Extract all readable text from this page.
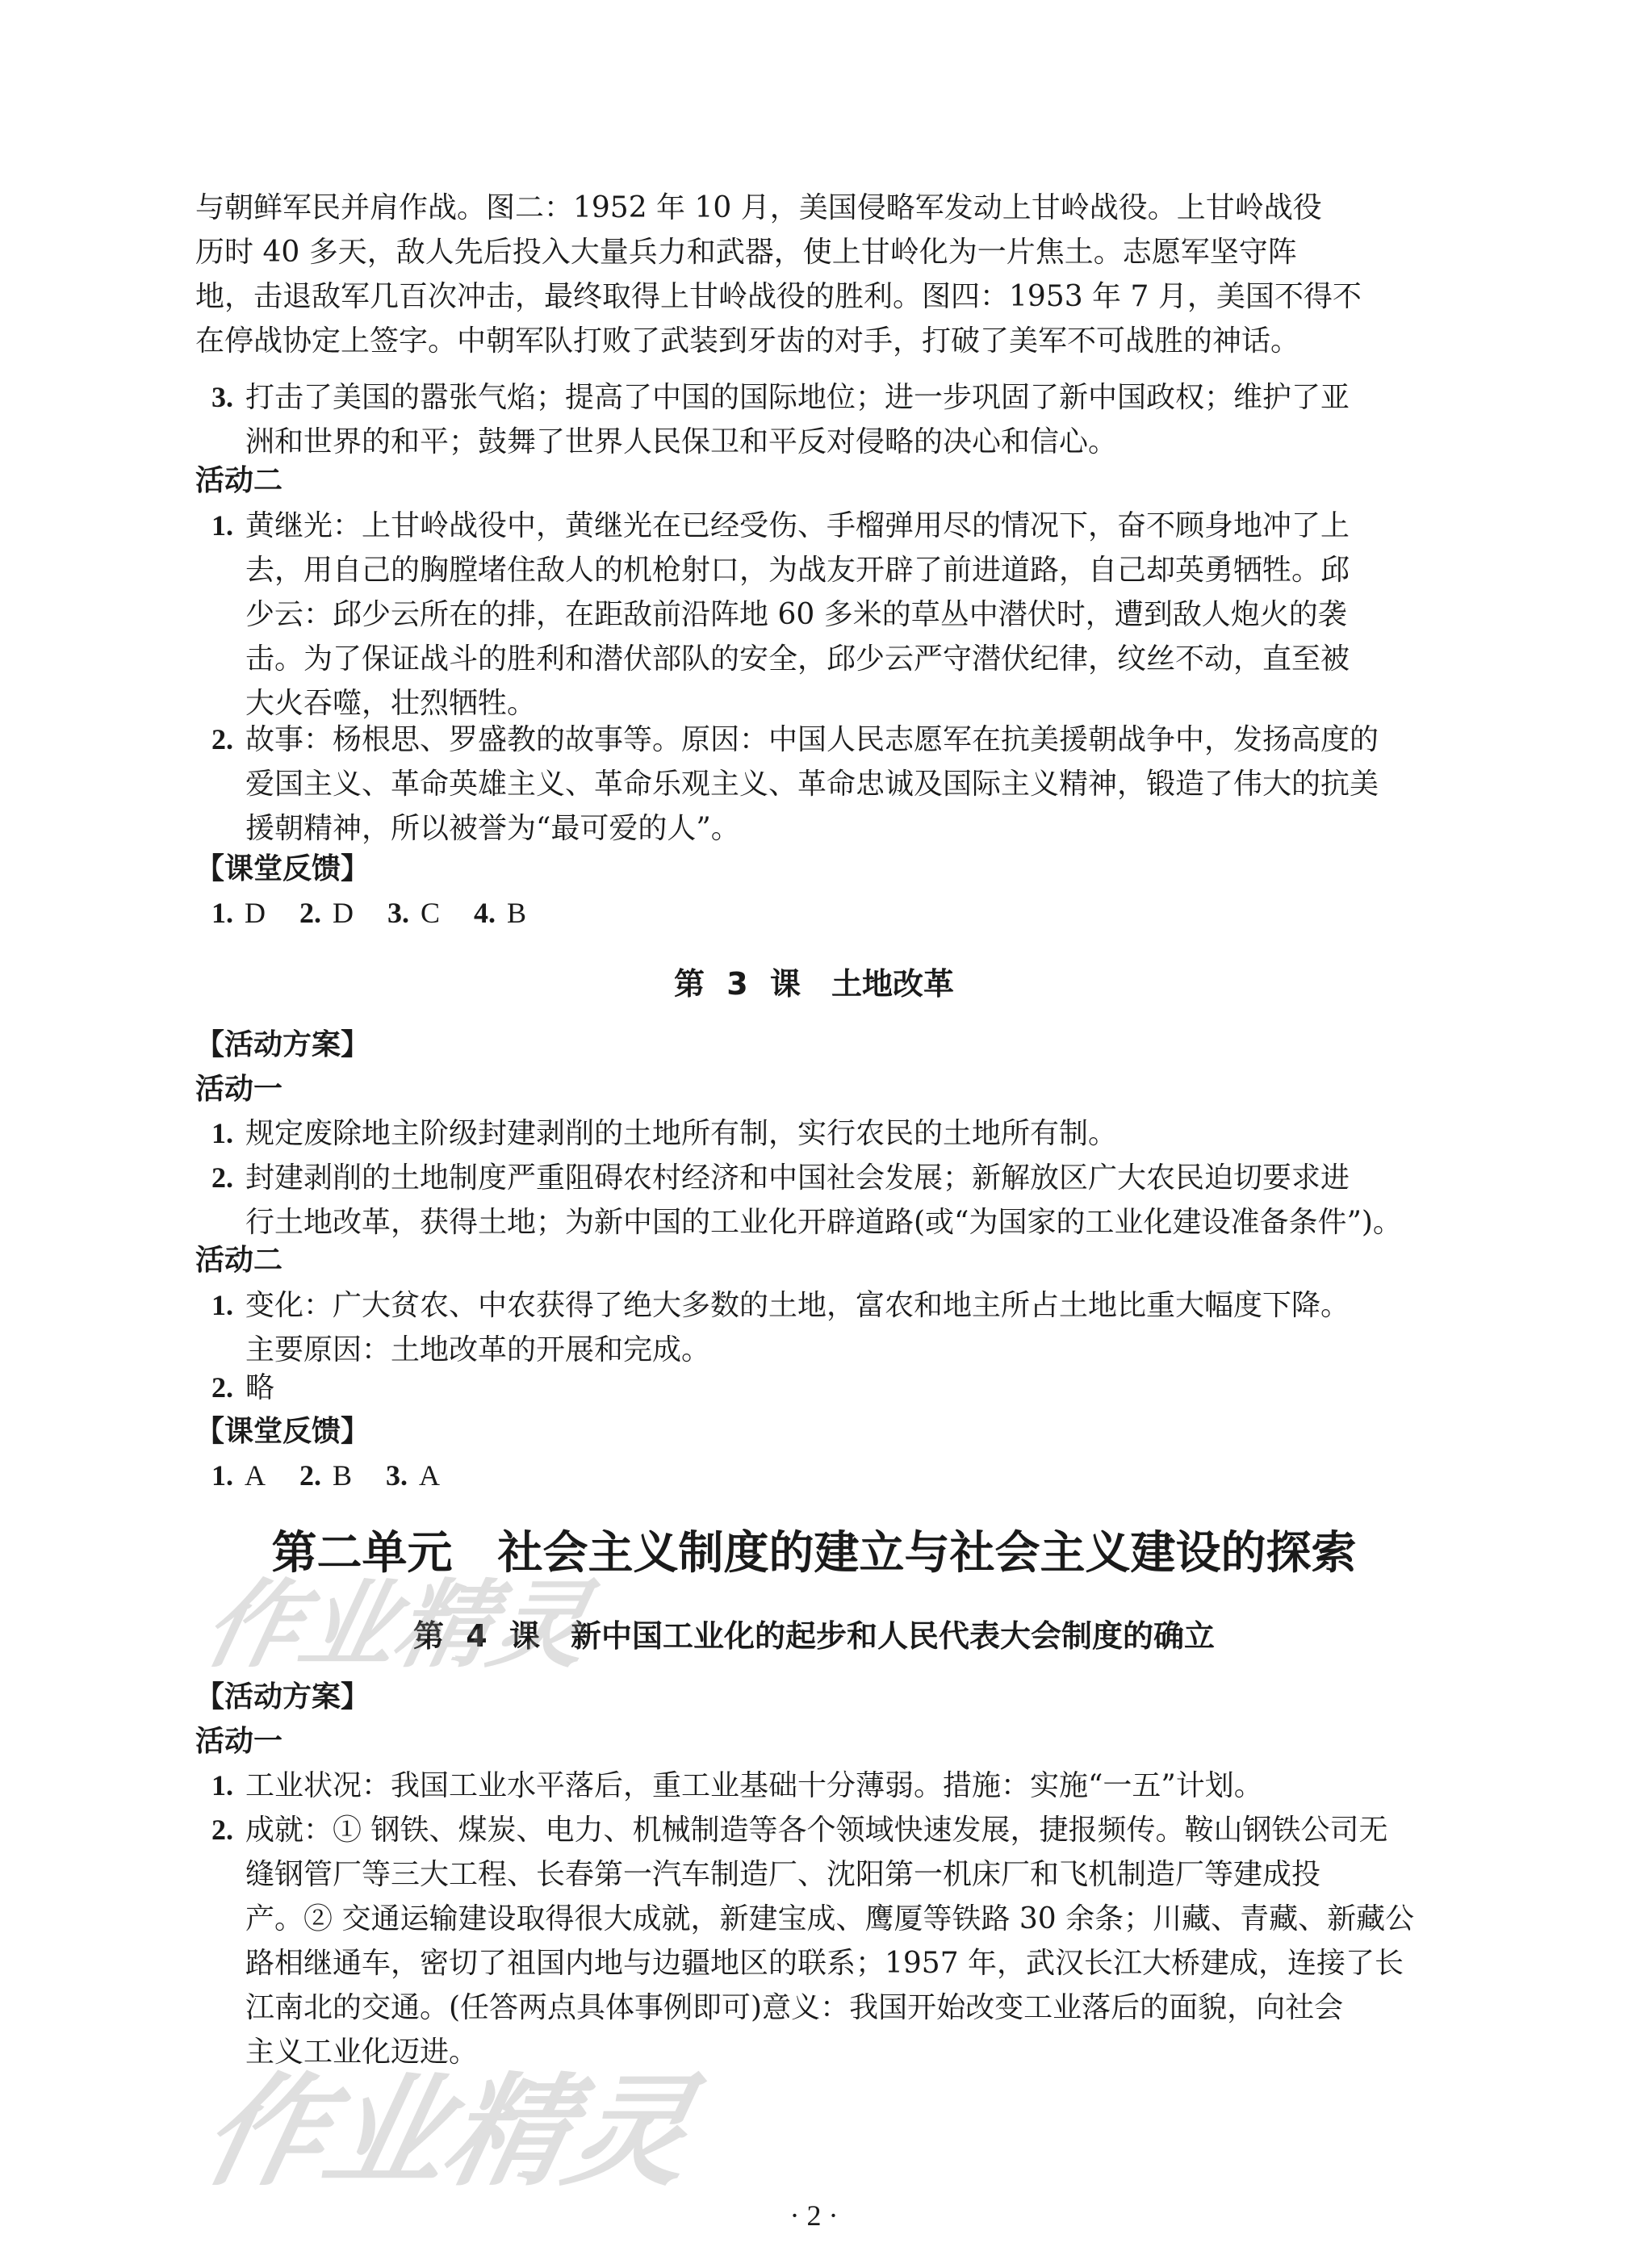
与朝鲜军民并肩作战。图二：1952 年 10 月，美国侵略军发动上甘岭战役。上甘岭战役
历时 40 多天，敌人先后投入大量兵力和武器，使上甘岭化为一片焦土。志愿军坚守阵
地，击退敌军几百次冲击，最终取得上甘岭战役的胜利。图四：1953 年 7 月，美国不得不
在停战协定上签字。中朝军队打败了武装到牙齿的对手，打破了美军不可战胜的神话。
3. 打击了美国的嚣张气焰；提高了中国的国际地位；进一步巩固了新中国政权；维护了亚
洲和世界的和平；鼓舞了世界人民保卫和平反对侵略的决心和信心。
活动二
1. 黄继光：上甘岭战役中，黄继光在已经受伤、手榴弹用尽的情况下，奋不顾身地冲了上
去，用自己的胸膛堵住敌人的机枪射口，为战友开辟了前进道路，自己却英勇牺牲。邱
少云：邱少云所在的排，在距敌前沿阵地 60 多米的草丛中潜伏时，遭到敌人炮火的袭
击。为了保证战斗的胜利和潜伏部队的安全，邱少云严守潜伏纪律，纹丝不动，直至被
大火吞噬，壮烈牺牲。
2. 故事：杨根思、罗盛教的故事等。原因：中国人民志愿军在抗美援朝战争中，发扬高度的
爱国主义、革命英雄主义、革命乐观主义、革命忠诚及国际主义精神，锻造了伟大的抗美
援朝精神，所以被誉为“最可爱的人”。
【课堂反馈】
1. D 2. D 3. C 4. B
第 3 课　土地改革
【活动方案】
活动一
1. 规定废除地主阶级封建剥削的土地所有制，实行农民的土地所有制。
2. 封建剥削的土地制度严重阻碍农村经济和中国社会发展；新解放区广大农民迫切要求进
行土地改革，获得土地；为新中国的工业化开辟道路(或“为国家的工业化建设准备条件”)。
活动二
1. 变化：广大贫农、中农获得了绝大多数的土地，富农和地主所占土地比重大幅度下降。
主要原因：土地改革的开展和完成。
2. 略
【课堂反馈】
1. A 2. B 3. A
第二单元　社会主义制度的建立与社会主义建设的探索
第 4 课　新中国工业化的起步和人民代表大会制度的确立
【活动方案】
活动一
1. 工业状况：我国工业水平落后，重工业基础十分薄弱。措施：实施“一五”计划。
2. 成就：① 钢铁、煤炭、电力、机械制造等各个领域快速发展，捷报频传。鞍山钢铁公司无
缝钢管厂等三大工程、长春第一汽车制造厂、沈阳第一机床厂和飞机制造厂等建成投
产。② 交通运输建设取得很大成就，新建宝成、鹰厦等铁路 30 余条；川藏、青藏、新藏公
路相继通车，密切了祖国内地与边疆地区的联系；1957 年，武汉长江大桥建成，连接了长
江南北的交通。(任答两点具体事例即可)意义：我国开始改变工业落后的面貌，向社会
主义工业化迈进。
作业精灵
作业精灵
· 2 ·
